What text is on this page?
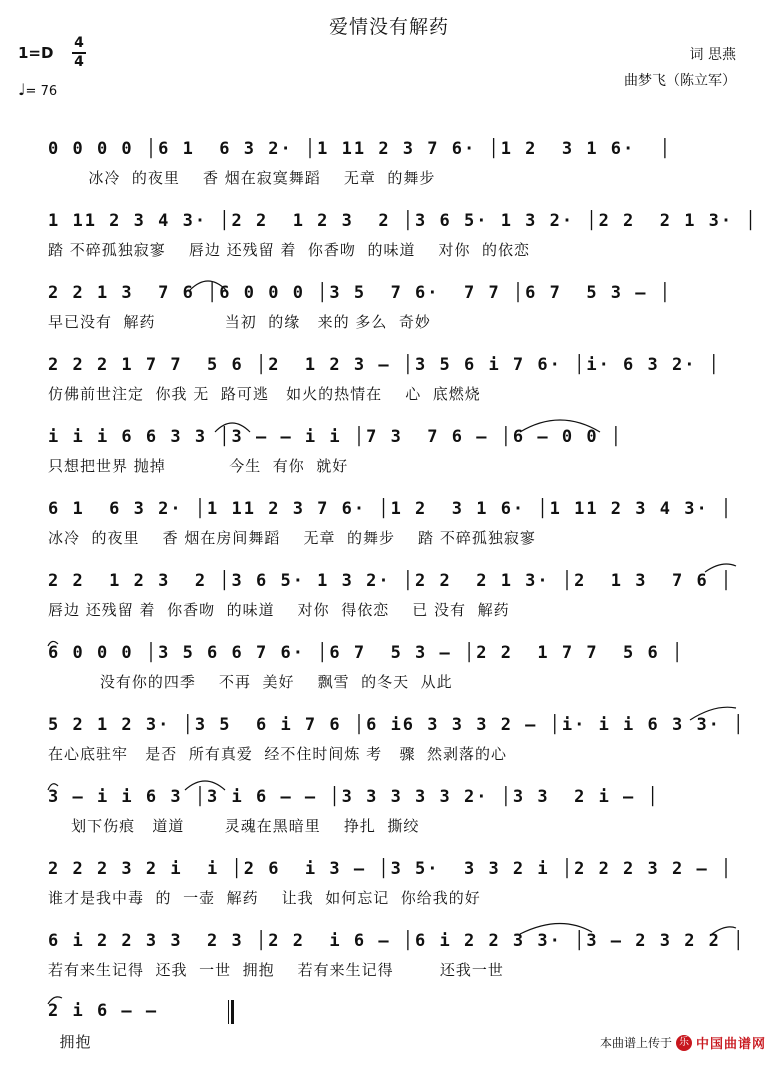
爱情没有解药
1=D
4
4
♩= 76
词 思燕
曲梦飞（陈立军）
0 0 0 0 │6 1  6 3 2· │1 11 2 3 7 6· │1 2  3 1 6·  │
冰冷  的夜里    香 烟在寂寞舞蹈    无章  的舞步
1 11 2 3 4 3· │2 2  1 2 3  2 │3 6 5· 1 3 2· │2 2  2 1 3· │
踏 不碎孤独寂寥    唇边 还残留 着  你香吻  的味道    对你  的依恋
2 2 1 3  7 6 │6 0 0 0 │3 5  7 6·  7 7 │6 7  5 3 – │
早已没有  解药            当初  的缘   来的 多么  奇妙
2 2 2 1 7 7  5 6 │2  1 2 3 – │3 5 6 i 7 6· │i· 6 3 2· │
仿佛前世注定  你我 无  路可逃   如火的热情在    心  底燃烧
i i i 6 6 3 3 │3 – – i i │7 3  7 6 – │6 – 0 0 │
只想把世界 抛掉           今生  有你  就好
6 1  6 3 2· │1 11 2 3 7 6· │1 2  3 1 6· │1 11 2 3 4 3· │
冰冷  的夜里    香 烟在房间舞蹈    无章  的舞步    踏 不碎孤独寂寥
2 2  1 2 3  2 │3 6 5· 1 3 2· │2 2  2 1 3· │2  1 3  7 6 │
唇边 还残留 着  你香吻  的味道    对你  得依恋    已 没有  解药
6 0 0 0 │3 5 6 6 7 6· │6 7  5 3 – │2 2  1 7 7  5 6 │
没有你的四季    不再  美好    飘雪  的冬天  从此
5 2 1 2 3· │3 5  6 i 7 6 │6 i6 3 3 3 2 – │i· i i 6 3 3· │
在心底驻牢   是否  所有真爱  经不住时间炼 考   骤  然剥落的心
3 – i i 6 3 │3 i 6 – – │3 3 3 3 3 2· │3 3  2 i – │
划下伤痕   道道       灵魂在黑暗里    挣扎  撕绞
2 2 2 3 2 i  i │2 6  i 3 – │3 5·  3 3 2 i │2 2 2 3 2 – │
谁才是我中毒  的  一壶  解药    让我  如何忘记  你给我的好
6 i 2 2 3 3  2 3 │2 2  i 6 – │6 i 2 2 3 3· │3 – 2 3 2 2 │
若有来生记得  还我  一世  拥抱    若有来生记得        还我一世
2 i 6 – –
拥抱	本曲谱上传于 乐 中国曲谱网
